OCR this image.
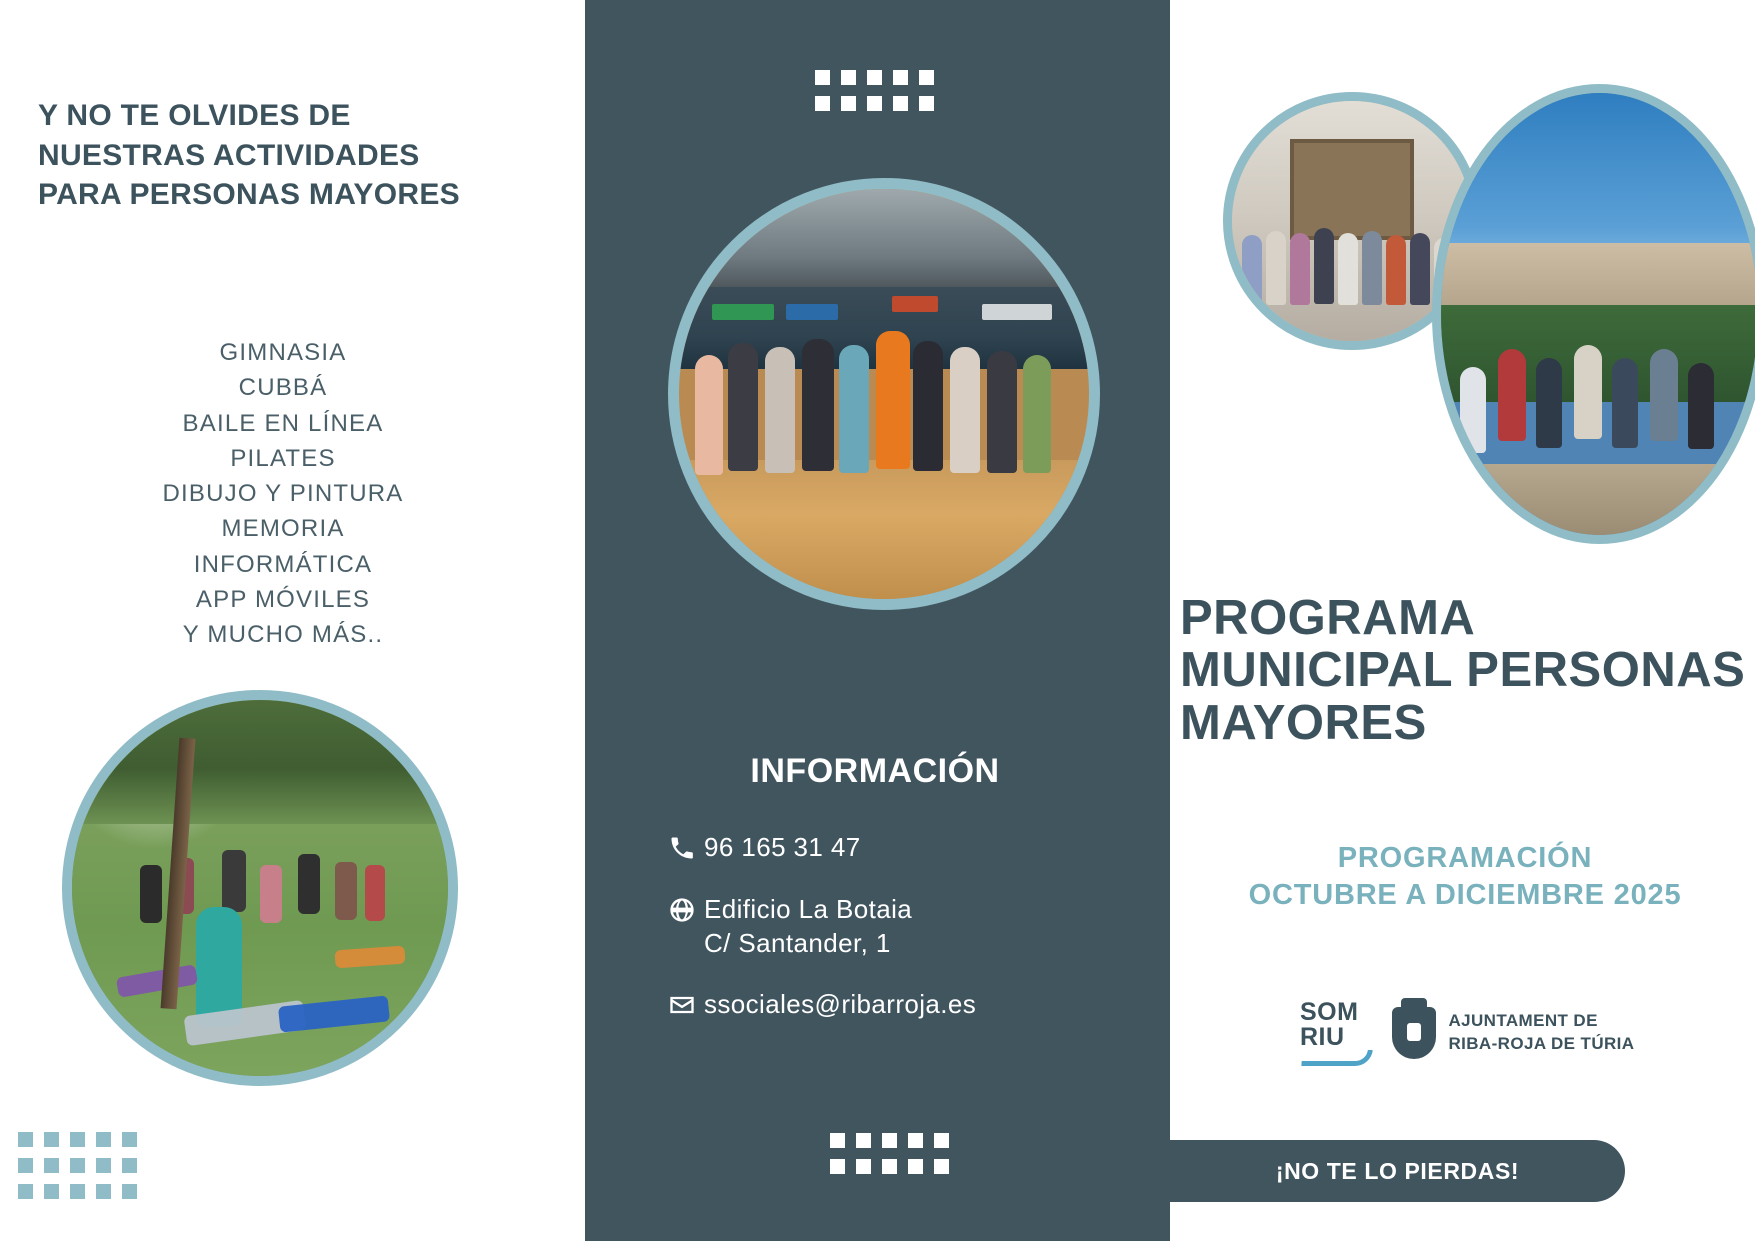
Y NO TE OLVIDES DE NUESTRAS ACTIVIDADES PARA PERSONAS MAYORES
GIMNASIA
CUBBÁ
BAILE EN LÍNEA
PILATES
DIBUJO Y PINTURA
MEMORIA
INFORMÁTICA
APP MÓVILES
Y MUCHO MÁS..
INFORMACIÓN
96 165 31 47
Edificio La Botaia
C/ Santander, 1
ssociales@ribarroja.es
PROGRAMA MUNICIPAL PERSONAS MAYORES
PROGRAMACIÓN
OCTUBRE A DICIEMBRE 2025
SOM
RIU
AJUNTAMENT DE
RIBA-ROJA DE TÚRIA
¡NO TE LO PIERDAS!
